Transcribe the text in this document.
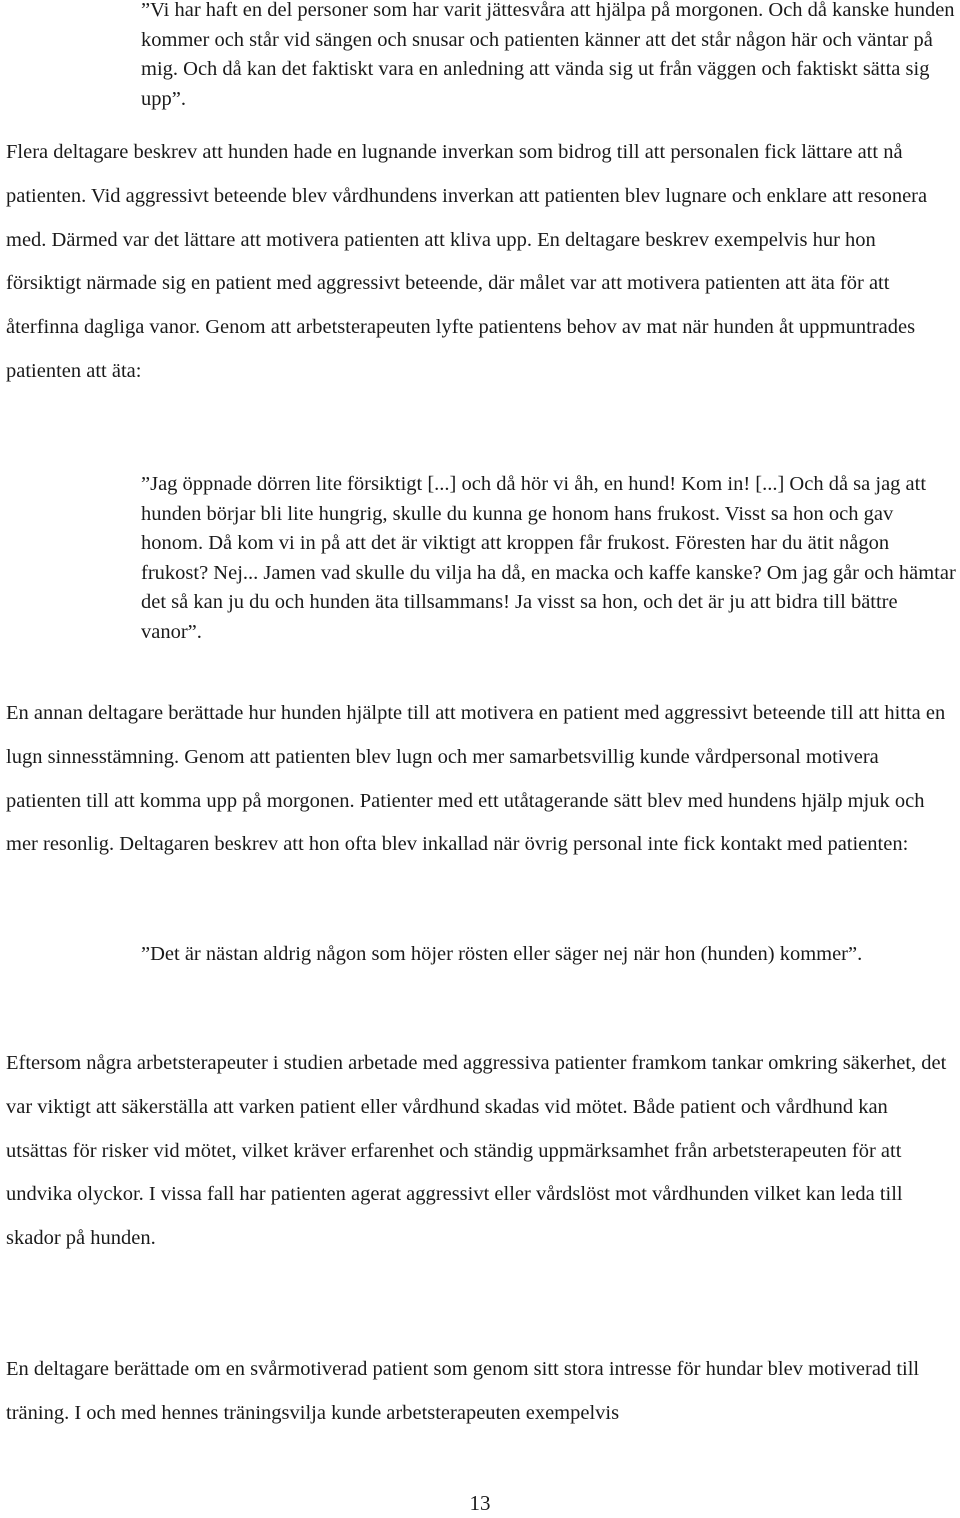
”Vi har haft en del personer som har varit jättesvåra att hjälpa på morgonen. Och då kanske hunden kommer och står vid sängen och snusar och patienten känner att det står någon här och väntar på mig. Och då kan det faktiskt vara en anledning att vända sig ut från väggen och faktiskt sätta sig upp”.

Flera deltagare beskrev att hunden hade en lugnande inverkan som bidrog till att personalen fick lättare att nå patienten. Vid aggressivt beteende blev vårdhundens inverkan att patienten blev lugnare och enklare att resonera med. Därmed var det lättare att motivera patienten att kliva upp. En deltagare beskrev exempelvis hur hon försiktigt närmade sig en patient med aggressivt beteende, där målet var att motivera patienten att äta för att återfinna dagliga vanor. Genom att arbetsterapeuten lyfte patientens behov av mat när hunden åt uppmuntrades patienten att äta:

”Jag öppnade dörren lite försiktigt [...] och då hör vi åh, en hund! Kom in! [...] Och då sa jag att hunden börjar bli lite hungrig, skulle du kunna ge honom hans frukost. Visst sa hon och gav honom. Då kom vi in på att det är viktigt att kroppen får frukost. Föresten har du ätit någon frukost? Nej... Jamen vad skulle du vilja ha då, en macka och kaffe kanske? Om jag går och hämtar det så kan ju du och hunden äta tillsammans! Ja visst sa hon, och det är ju att bidra till bättre vanor”.

En annan deltagare berättade hur hunden hjälpte till att motivera en patient med aggressivt beteende till att hitta en lugn sinnesstämning. Genom att patienten blev lugn och mer samarbetsvillig kunde vårdpersonal motivera patienten till att komma upp på morgonen. Patienter med ett utåtagerande sätt blev med hundens hjälp mjuk och mer resonlig. Deltagaren beskrev att hon ofta blev inkallad när övrig personal inte fick kontakt med patienten:

”Det är nästan aldrig någon som höjer rösten eller säger nej när hon (hunden) kommer”.

Eftersom några arbetsterapeuter i studien arbetade med aggressiva patienter framkom tankar omkring säkerhet, det var viktigt att säkerställa att varken patient eller vårdhund skadas vid mötet. Både patient och vårdhund kan utsättas för risker vid mötet, vilket kräver erfarenhet och ständig uppmärksamhet från arbetsterapeuten för att undvika olyckor. I vissa fall har patienten agerat aggressivt eller vårdslöst mot vårdhunden vilket kan leda till skador på hunden.

En deltagare berättade om en svårmotiverad patient som genom sitt stora intresse för hundar blev motiverad till träning. I och med hennes träningsvilja kunde arbetsterapeuten exempelvis

13
